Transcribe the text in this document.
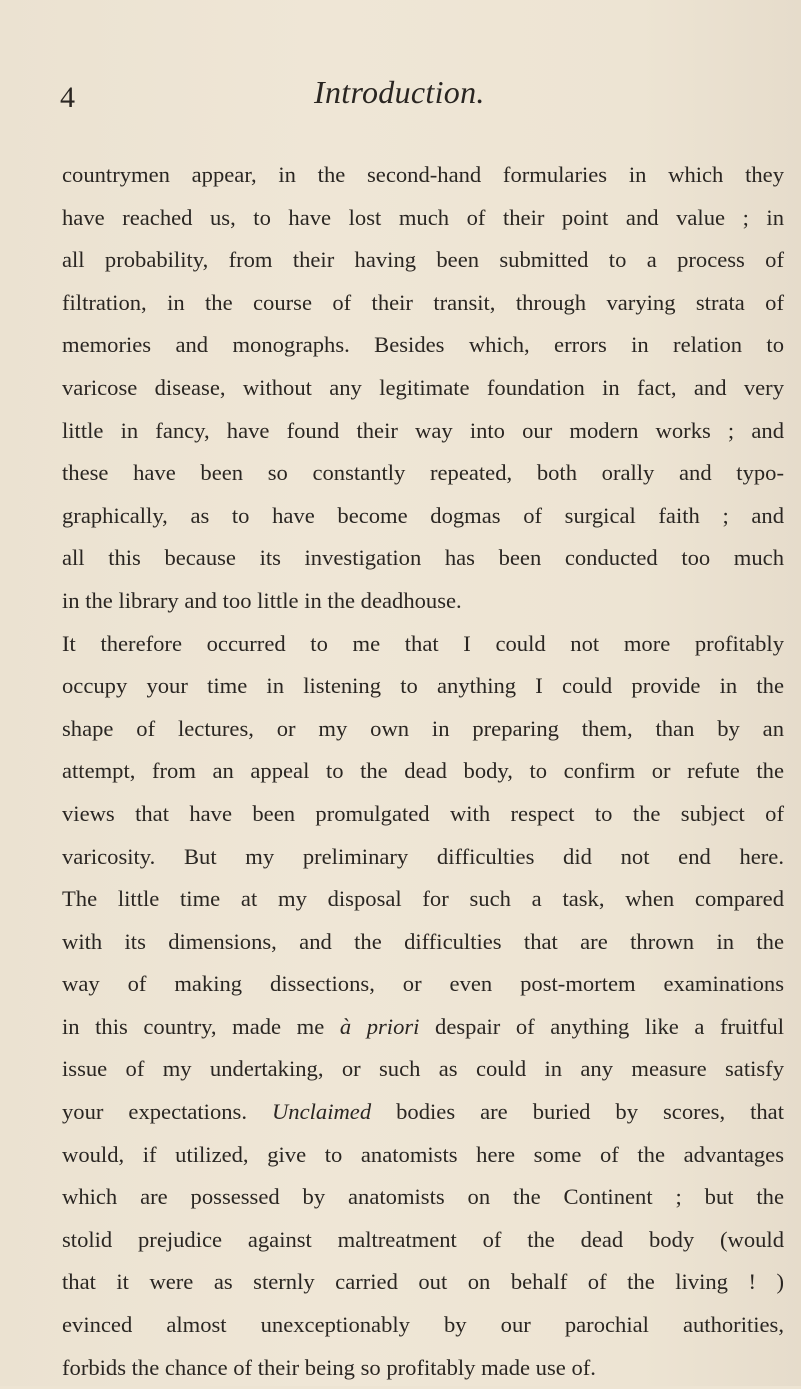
4	Introduction.
countrymen appear, in the second-hand formularies in which they
have reached us, to have lost much of their point and value ; in
all probability, from their having been submitted to a process of
filtration, in the course of their transit, through varying strata of
memories and monographs. Besides which, errors in relation to
varicose disease, without any legitimate foundation in fact, and very
little in fancy, have found their way into our modern works ; and
these have been so constantly repeated, both orally and typo-
graphically, as to have become dogmas of surgical faith ; and
all this because its investigation has been conducted too much
in the library and too little in the deadhouse.
It therefore occurred to me that I could not more profitably
occupy your time in listening to anything I could provide in the
shape of lectures, or my own in preparing them, than by an
attempt, from an appeal to the dead body, to confirm or refute the
views that have been promulgated with respect to the subject of
varicosity. But my preliminary difficulties did not end here.
The little time at my disposal for such a task, when compared
with its dimensions, and the difficulties that are thrown in the
way of making dissections, or even post-mortem examinations
in this country, made me à priori despair of anything like a fruitful
issue of my undertaking, or such as could in any measure satisfy
your expectations. Unclaimed bodies are buried by scores, that
would, if utilized, give to anatomists here some of the advantages
which are possessed by anatomists on the Continent ; but the
stolid prejudice against maltreatment of the dead body (would
that it were as sternly carried out on behalf of the living ! )
evinced almost unexceptionably by our parochial authorities,
forbids the chance of their being so profitably made use of.
